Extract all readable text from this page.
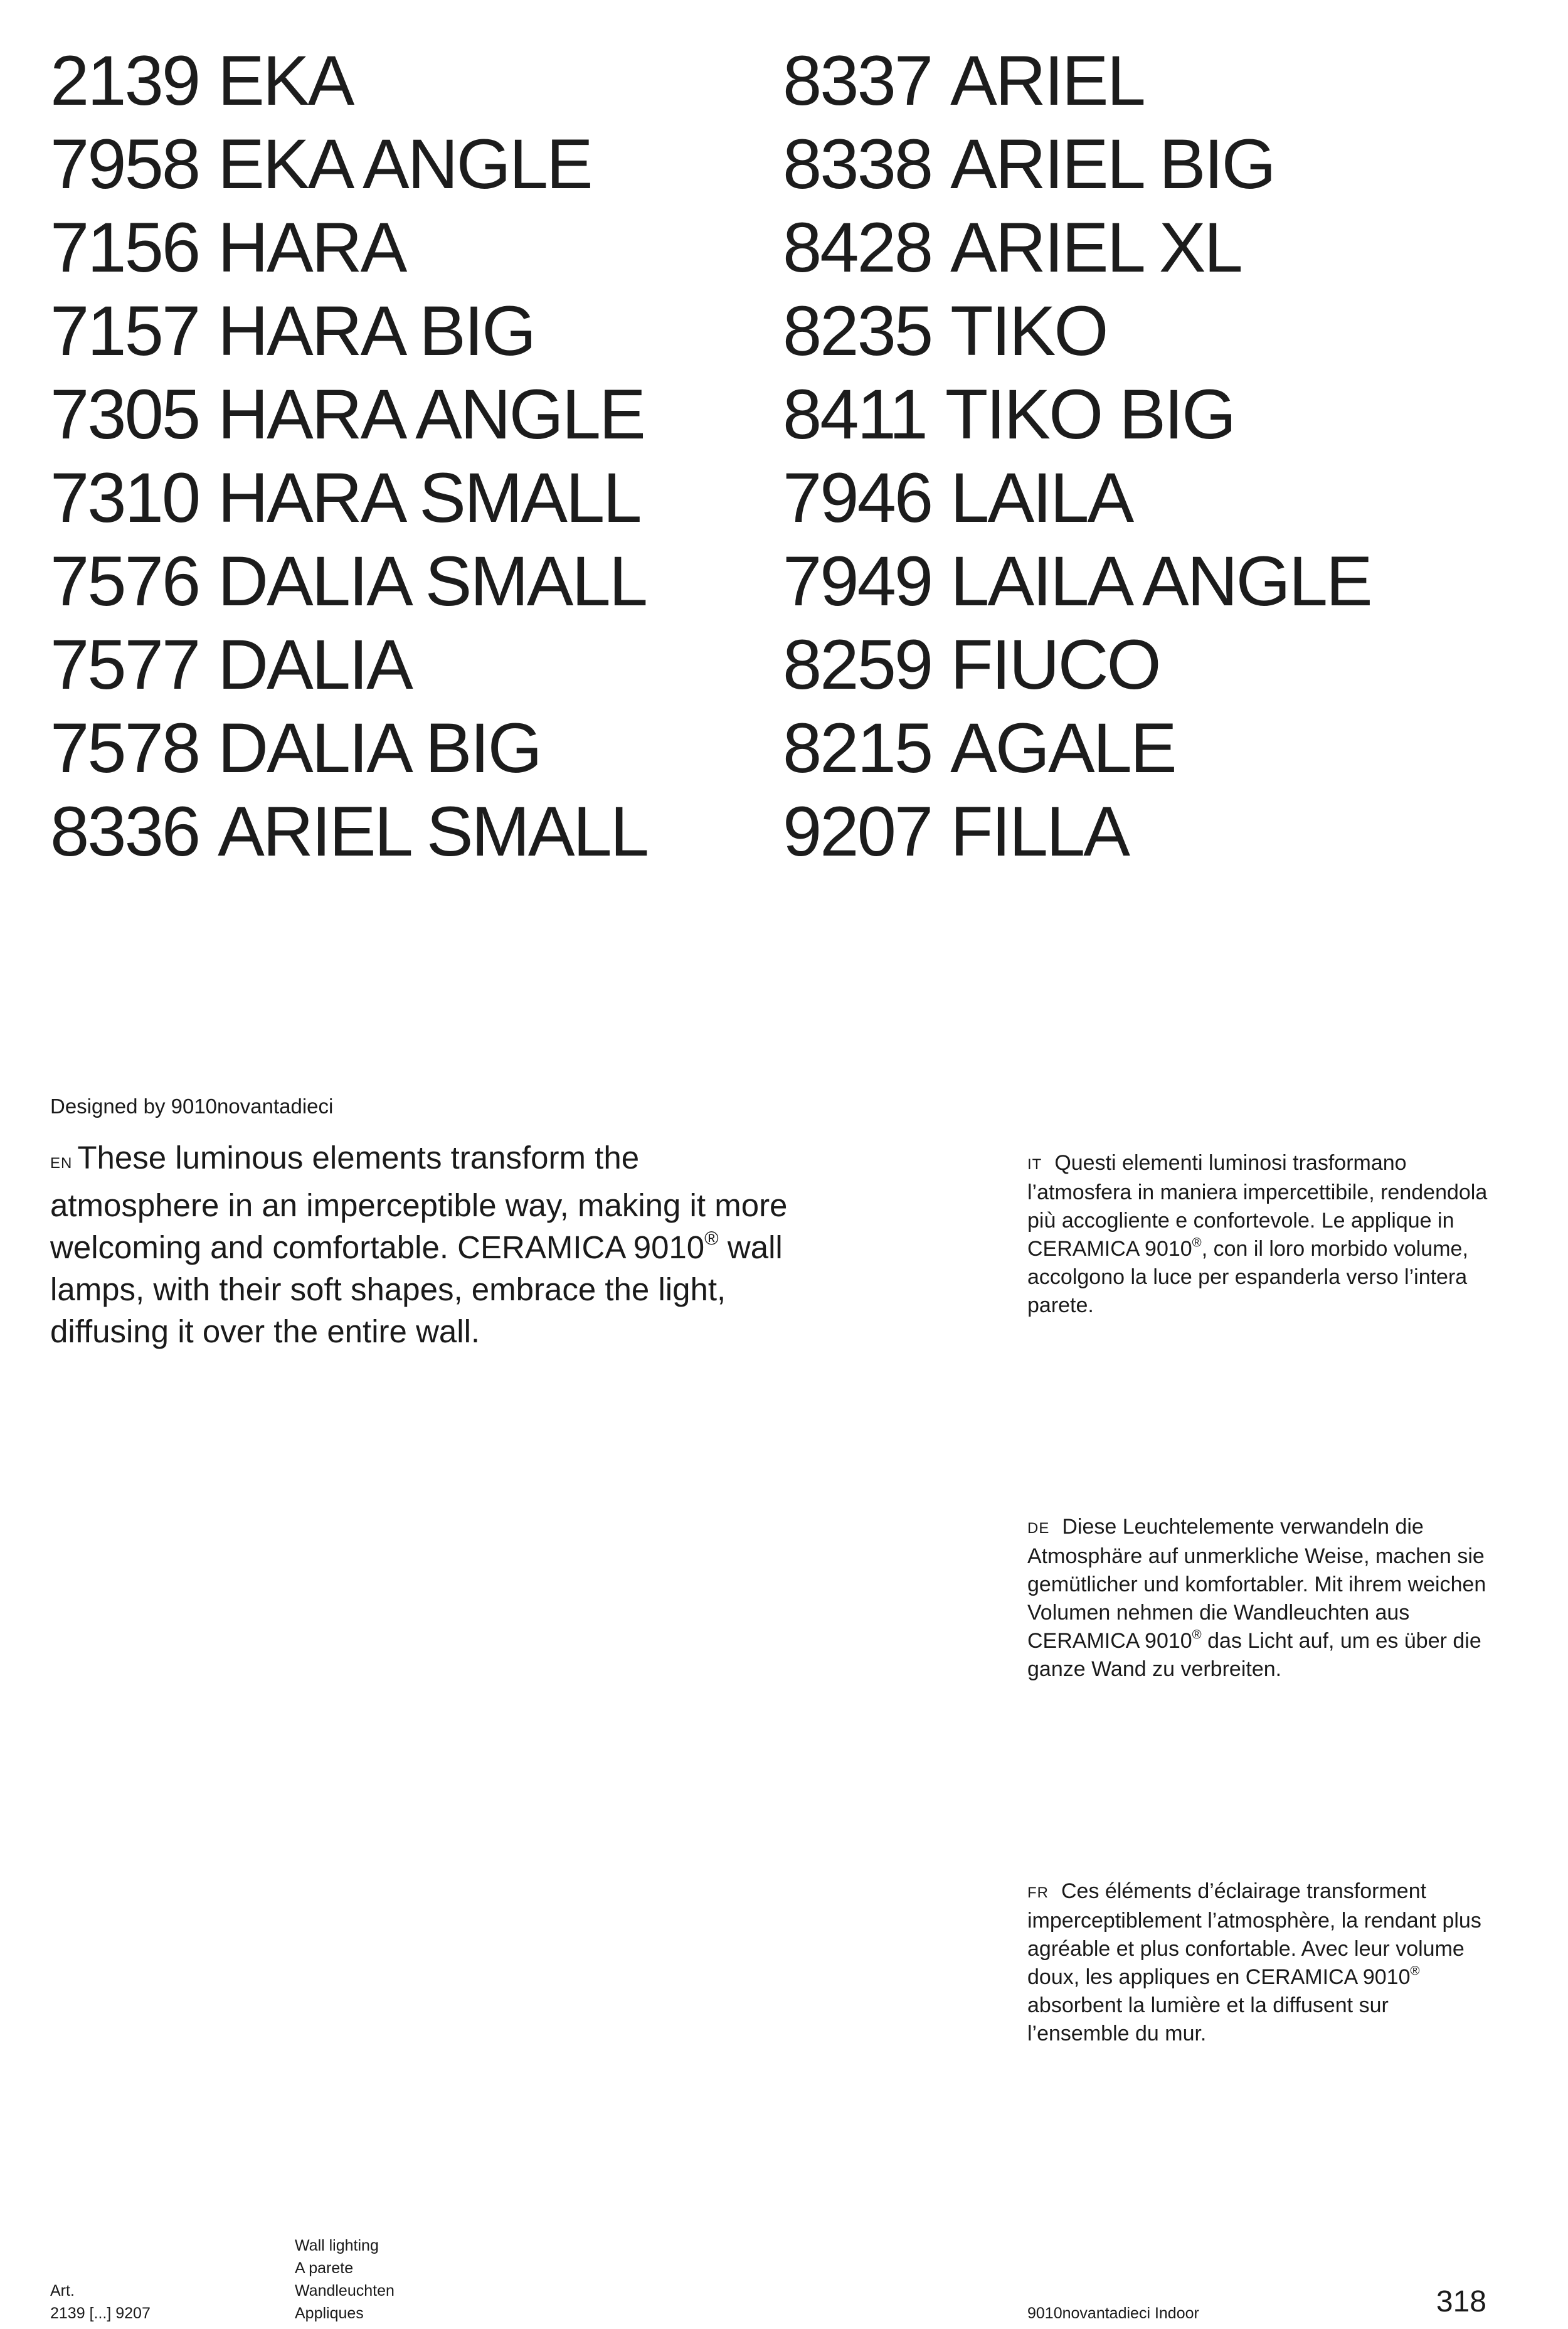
2139 EKA
7958 EKA ANGLE
7156 HARA
7157 HARA BIG
7305 HARA ANGLE
7310 HARA SMALL
7576 DALIA SMALL
7577 DALIA
7578 DALIA BIG
8336 ARIEL SMALL
8337 ARIEL
8338 ARIEL BIG
8428 ARIEL XL
8235 TIKO
8411 TIKO BIG
7946 LAILA
7949 LAILA ANGLE
8259 FIUCO
8215 AGALE
9207 FILLA
Designed by 9010novantadieci
EN These luminous elements transform the atmosphere in an imperceptible way, making it more welcoming and comfortable. CERAMICA 9010® wall lamps, with their soft shapes, embrace the light, diffusing it over the entire wall.
IT Questi elementi luminosi trasformano l’atmosfera in maniera impercettibile, rendendola più accogliente e confortevole. Le applique in CERAMICA 9010®, con il loro morbido volume, accolgono la luce per espanderla verso l’intera parete.
DE Diese Leuchtelemente verwandeln die Atmosphäre auf unmerkliche Weise, machen sie gemütlicher und komfortabler. Mit ihrem weichen Volumen nehmen die Wandleuchten aus CERAMICA 9010® das Licht auf, um es über die ganze Wand zu verbreiten.
FR Ces éléments d’éclairage transforment imperceptiblement l’atmosphère, la rendant plus agréable et plus confortable. Avec leur volume doux, les appliques en CERAMICA 9010® absorbent la lumière et la diffusent sur l’ensemble du mur.
Art.
2139 [...] 9207
Wall lighting
A parete
Wandleuchten
Appliques	9010novantadieci Indoor	318
